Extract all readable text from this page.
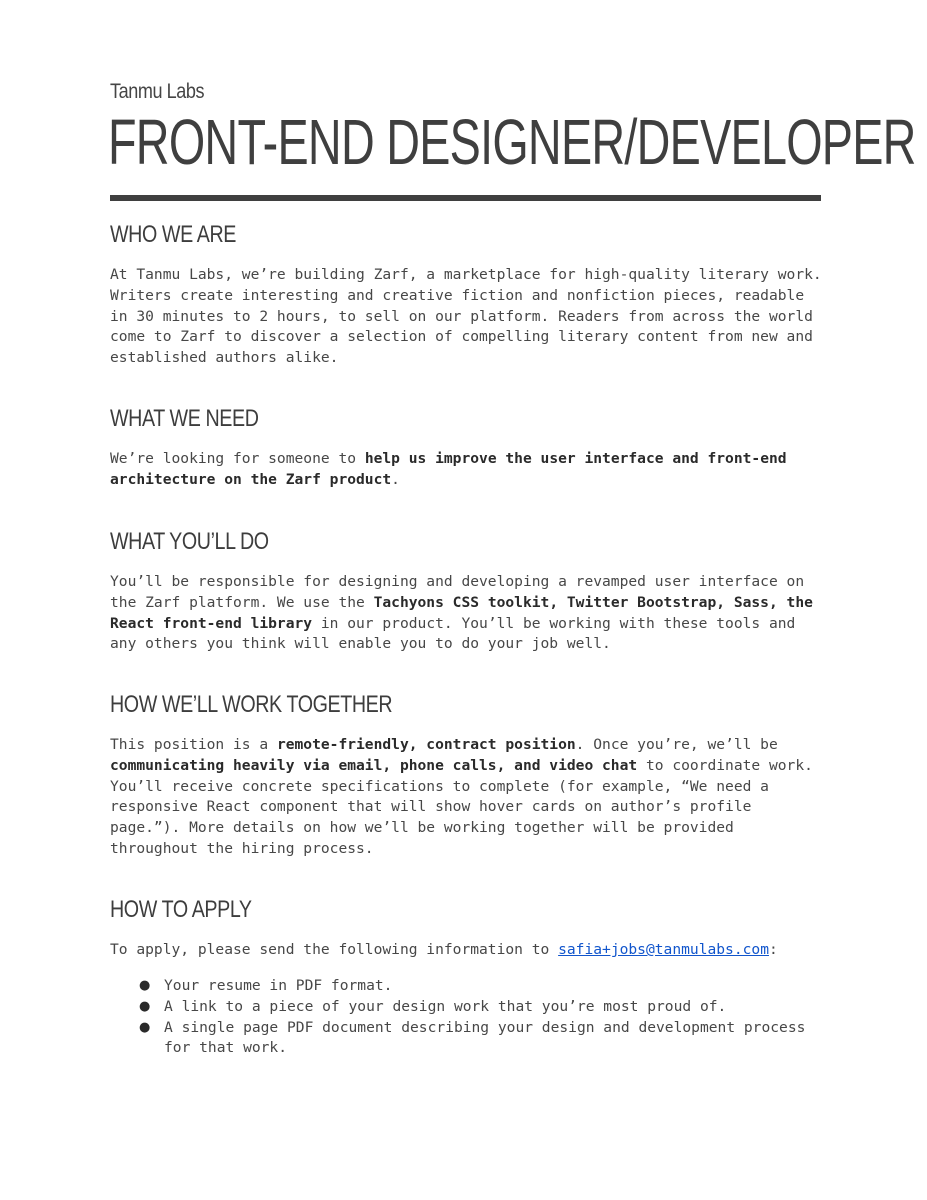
Tanmu Labs
FRONT-END DESIGNER/DEVELOPER
WHO WE ARE

At Tanmu Labs, we’re building Zarf, a marketplace for high-quality literary work. Writers create interesting and creative fiction and nonfiction pieces, readable in 30 minutes to 2 hours, to sell on our platform. Readers from across the world come to Zarf to discover a selection of compelling literary content from new and established authors alike.

WHAT WE NEED

We’re looking for someone to help us improve the user interface and front-end architecture on the Zarf product.

WHAT YOU’LL DO

You’ll be responsible for designing and developing a revamped user interface on the Zarf platform. We use the Tachyons CSS toolkit, Twitter Bootstrap, Sass, the React front-end library in our product. You’ll be working with these tools and any others you think will enable you to do your job well.

HOW WE’LL WORK TOGETHER

This position is a remote-friendly, contract position. Once you’re, we’ll be communicating heavily via email, phone calls, and video chat to coordinate work. You’ll receive concrete specifications to complete (for example, “We need a responsive React component that will show hover cards on author’s profile page.”). More details on how we’ll be working together will be provided throughout the hiring process.

HOW TO APPLY

To apply, please send the following information to safia+jobs@tanmulabs.com:

● Your resume in PDF format.
● A link to a piece of your design work that you’re most proud of.
● A single page PDF document describing your design and development process for that work.
